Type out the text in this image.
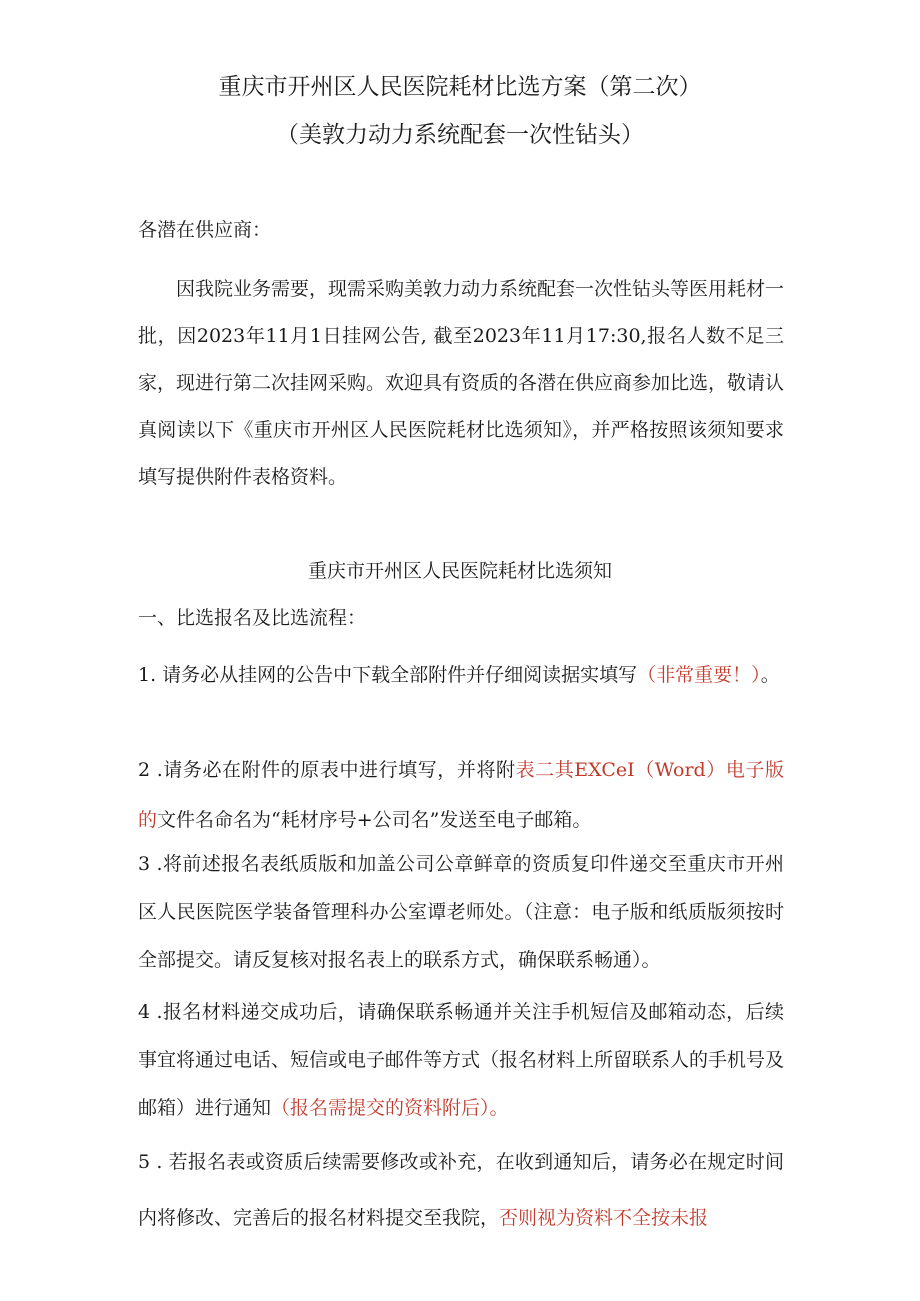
重庆市开州区人民医院耗材比选方案（第二次）
（美敦力动力系统配套一次性钻头）
各潜在供应商：
因我院业务需要，现需采购美敦力动力系统配套一次性钻头等医用耗材一批，因2023年11月1日挂网公告, 截至2023年11月17:30,报名人数不足三家，现进行第二次挂网采购。欢迎具有资质的各潜在供应商参加比选，敬请认真阅读以下《重庆市开州区人民医院耗材比选须知》，并严格按照该须知要求填写提供附件表格资料。
重庆市开州区人民医院耗材比选须知
一、比选报名及比选流程：
1. 请务必从挂网的公告中下载全部附件并仔细阅读据实填写（非常重要！）。
2 .请务必在附件的原表中进行填写，并将附表二其EXCeI（Word）电子版的文件名命名为“耗材序号+公司名”发送至电子邮箱。
3 .将前述报名表纸质版和加盖公司公章鲜章的资质复印件递交至重庆市开州区人民医院医学装备管理科办公室谭老师处。（注意：电子版和纸质版须按时全部提交。请反复核对报名表上的联系方式，确保联系畅通）。
4 .报名材料递交成功后，请确保联系畅通并关注手机短信及邮箱动态，后续事宜将通过电话、短信或电子邮件等方式（报名材料上所留联系人的手机号及邮箱）进行通知（报名需提交的资料附后）。
5 . 若报名表或资质后续需要修改或补充，在收到通知后，请务必在规定时间内将修改、完善后的报名材料提交至我院，否则视为资料不全按未报
